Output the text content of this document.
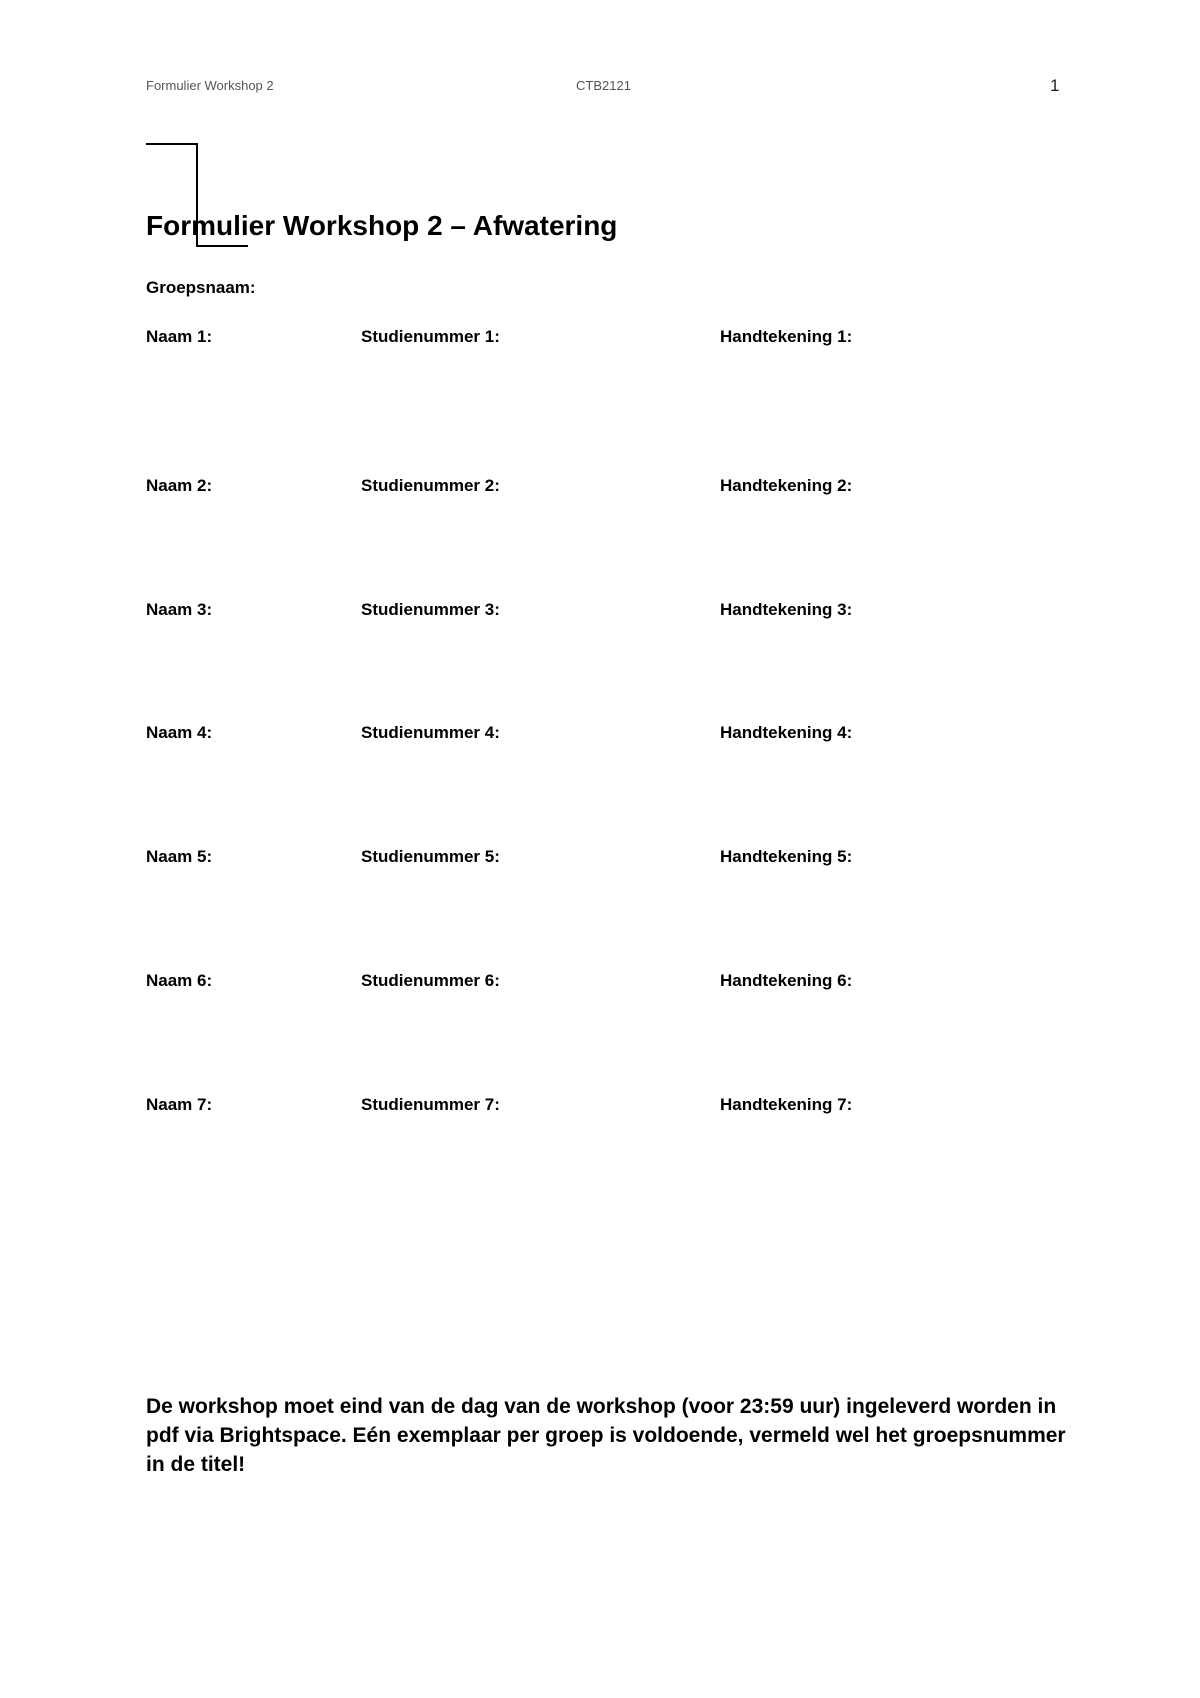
Formulier Workshop 2	CTB2121	1
Formulier Workshop 2 – Afwatering
Groepsnaam:
Naam 1:	Studienummer 1:	Handtekening 1:
Naam 2:	Studienummer 2:	Handtekening 2:
Naam 3:	Studienummer 3:	Handtekening 3:
Naam 4:	Studienummer 4:	Handtekening 4:
Naam 5:	Studienummer 5:	Handtekening 5:
Naam 6:	Studienummer 6:	Handtekening 6:
Naam 7:	Studienummer 7:	Handtekening 7:

De workshop moet eind van de dag van de workshop (voor 23:59 uur) ingeleverd worden in pdf via Brightspace. Eén exemplaar per groep is voldoende, vermeld wel het groepsnummer in de titel!
